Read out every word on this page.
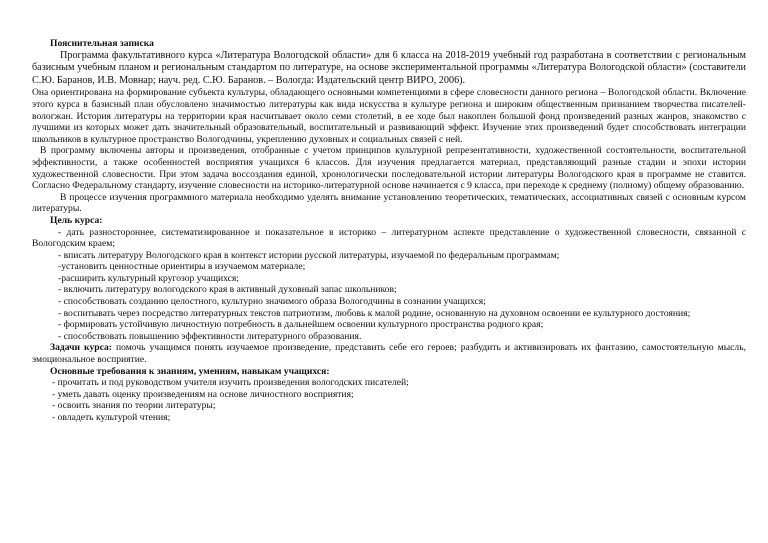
Пояснительная записка

Программа факультативного курса «Литература Вологодской области» для 6 класса на 2018-2019 учебный год разработана в соответствии с региональным базисным учебным планом и региональным стандартом по литературе, на основе экспериментальной программы «Литература Вологодской области» (составители С.Ю. Баранов, И.В. Мовнар; науч. ред. С.Ю. Баранов. – Вологда: Издательский центр ВИРО, 2006).

Она ориентирована на формирование субъекта культуры, обладающего основными компетенциями в сфере словесности данного региона – Вологодской области. Включение этого курса в базисный план обусловлено значимостью литературы как вида искусства в культуре региона и широким общественным признанием творчества писателей-вологжан. История литературы на территории края насчитывает около семи столетий, в ее ходе был накоплен большой фонд произведений разных жанров, знакомство с лучшими из которых может дать значительный образовательный, воспитательный и развивающий эффект. Изучение этих произведений будет способствовать интеграции школьников в культурное пространство Вологодчины, укреплению духовных и социальных связей с ней.

В программу включены авторы и произведения, отобранные с учетом принципов культурной репрезентативности, художественной состоятельности, воспитательной эффективности, а также особенностей восприятия учащихся 6 классов. Для изучения предлагается материал, представляющий разные стадии и эпохи истории художественной словесности. При этом задача воссоздания единой, хронологически последовательной истории литературы Вологодского края в программе не ставится. Согласно Федеральному стандарту, изучение словесности на историко-литературной основе начинается с 9 класса, при переходе к среднему (полному) общему образованию.

В процессе изучения программного материала необходимо уделять внимание установлению теоретических, тематических, ассоциативных связей с основным курсом литературы.

Цель курса:

- дать разностороннее, систематизированное и показательное в историко – литературном аспекте представление о художественной словесности, связанной с Вологодским краем;

- вписать литературу Вологодского края в контекст истории русской литературы, изучаемой по федеральным программам;

-установить ценностные ориентиры в изучаемом материале;

-расширить культурный кругозор учащихся;

- включить литературу вологодского края в активный духовный запас школьников;

- способствовать созданию целостного, культурно значимого образа Вологодчины в сознании учащихся;

- воспитывать через посредство литературных текстов патриотизм, любовь к малой родине, основанную на духовном освоении ее культурного достояния;

- формировать устойчивую личностную потребность в дальнейшем освоении культурного пространства родного края;

- способствовать повышению эффективности литературного образования.

Задачи курса: помочь учащимся понять изучаемое произведение, представить себе его героев; разбудить и активизировать их фантазию, самостоятельную мысль, эмоциональное восприятие.

Основные требования к знаниям, умениям, навыкам учащихся:

- прочитать и под руководством учителя изучить произведения вологодских писателей;

- уметь давать оценку произведениям на основе личностного восприятия;

- освоить знания по теории литературы;

- овладеть культурой чтения;
